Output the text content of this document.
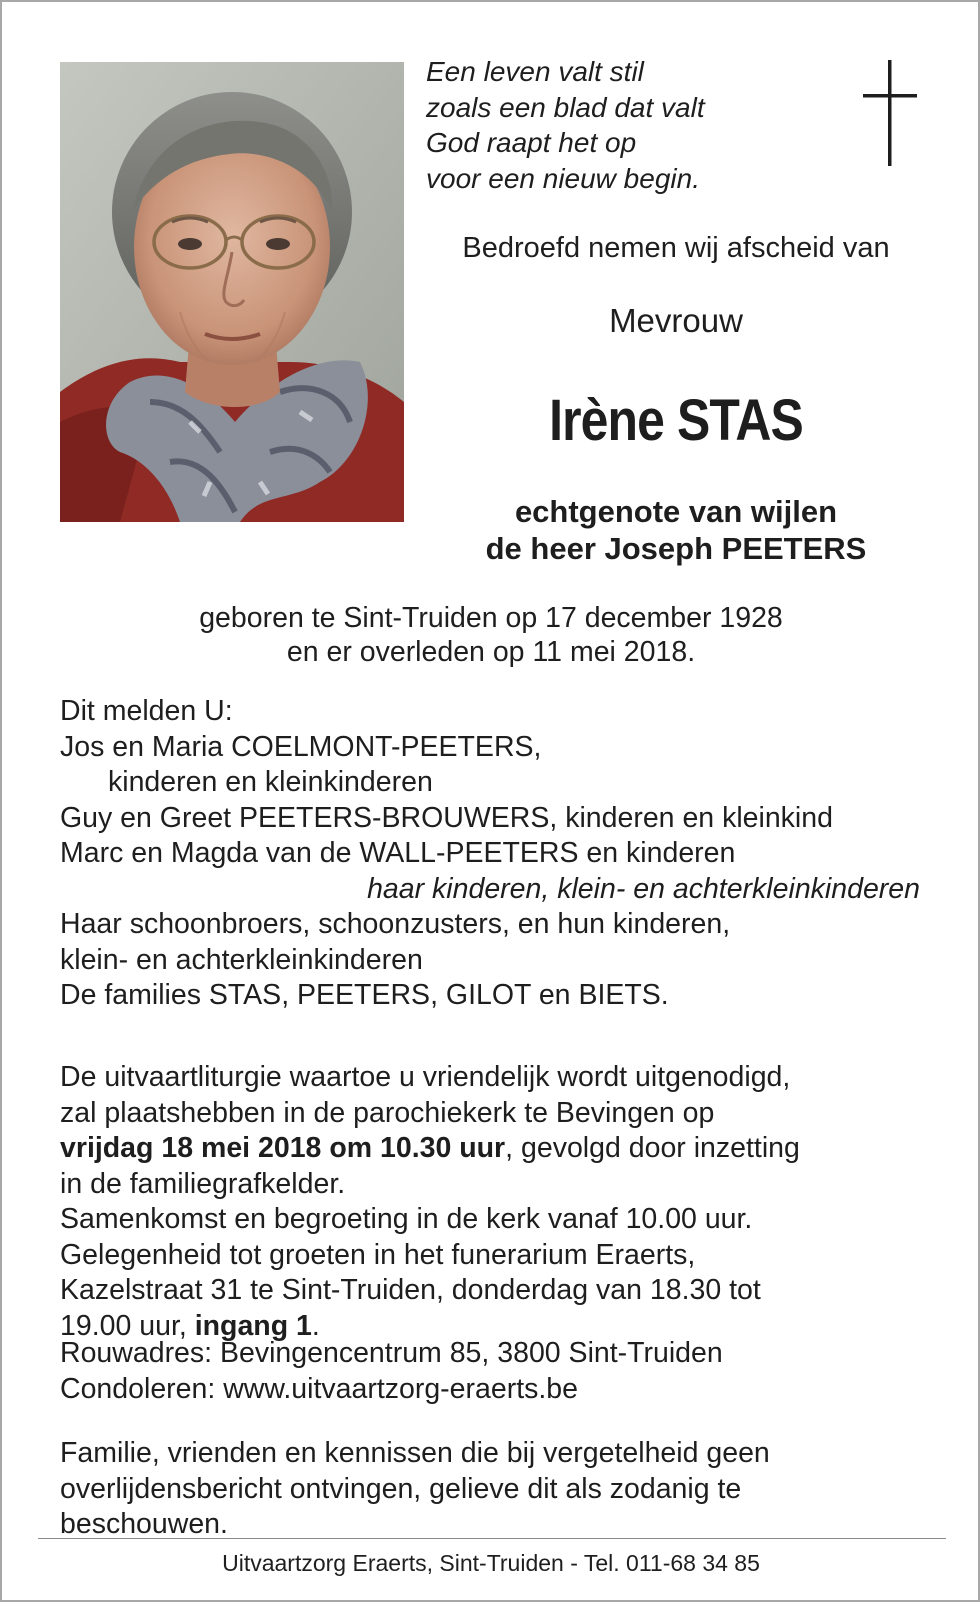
Een leven valt stil
zoals een blad dat valt
God raapt het op
voor een nieuw begin.
Bedroefd nemen wij afscheid van
Mevrouw
Irène STAS
echtgenote van wijlen
de heer Joseph PEETERS
geboren te Sint-Truiden op 17 december 1928
en er overleden op 11 mei 2018.
Dit melden U:
Jos en Maria COELMONT-PEETERS,
kinderen en kleinkinderen
Guy en Greet PEETERS-BROUWERS, kinderen en kleinkind
Marc en Magda van de WALL-PEETERS en kinderen
haar kinderen, klein- en achterkleinkinderen
Haar schoonbroers, schoonzusters, en hun kinderen,
klein- en achterkleinkinderen
De families STAS, PEETERS, GILOT en BIETS.
De uitvaartliturgie waartoe u vriendelijk wordt uitgenodigd,
zal plaatshebben in de parochiekerk te Bevingen op
vrijdag 18 mei 2018 om 10.30 uur, gevolgd door inzetting
in de familiegrafkelder.
Samenkomst en begroeting in de kerk vanaf 10.00 uur.
Gelegenheid tot groeten in het funerarium Eraerts,
Kazelstraat 31 te Sint-Truiden, donderdag van 18.30 tot
19.00 uur, ingang 1.
Rouwadres: Bevingencentrum 85, 3800 Sint-Truiden
Condoleren: www.uitvaartzorg-eraerts.be
Familie, vrienden en kennissen die bij vergetelheid geen
overlijdensbericht ontvingen, gelieve dit als zodanig te
beschouwen.
Uitvaartzorg Eraerts, Sint-Truiden - Tel. 011-68 34 85
